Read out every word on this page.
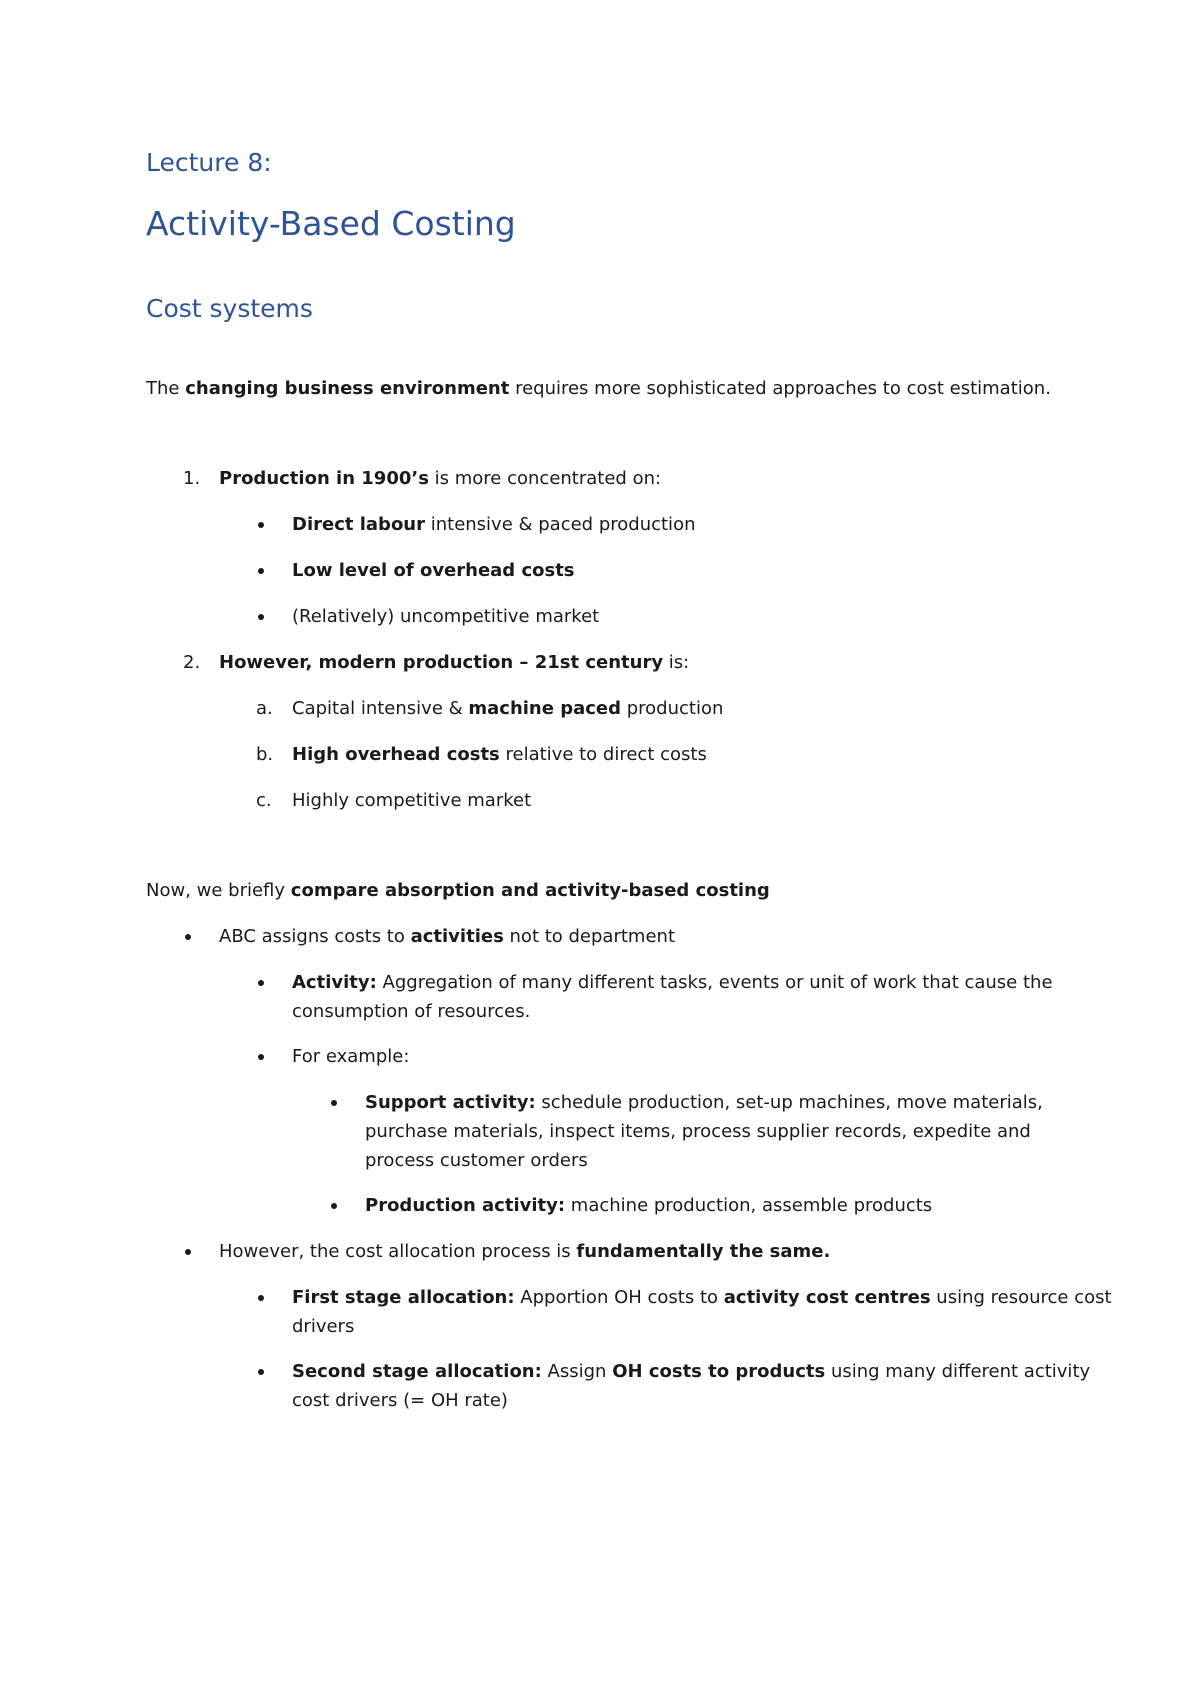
Lecture 8:
Activity-Based Costing
Cost systems
The changing business environment requires more sophisticated approaches to cost estimation.
1. Production in 1900’s is more concentrated on:
Direct labour intensive & paced production
Low level of overhead costs
(Relatively) uncompetitive market
2. However, modern production – 21st century is:
a. Capital intensive & machine paced production
b. High overhead costs relative to direct costs
c. Highly competitive market
Now, we briefly compare absorption and activity-based costing
ABC assigns costs to activities not to department
Activity: Aggregation of many different tasks, events or unit of work that cause the
consumption of resources.
For example:
Support activity: schedule production, set-up machines, move materials,
purchase materials, inspect items, process supplier records, expedite and
process customer orders
Production activity: machine production, assemble products
However, the cost allocation process is fundamentally the same.
First stage allocation: Apportion OH costs to activity cost centres using resource cost
drivers
Second stage allocation: Assign OH costs to products using many different activity
cost drivers (= OH rate)
